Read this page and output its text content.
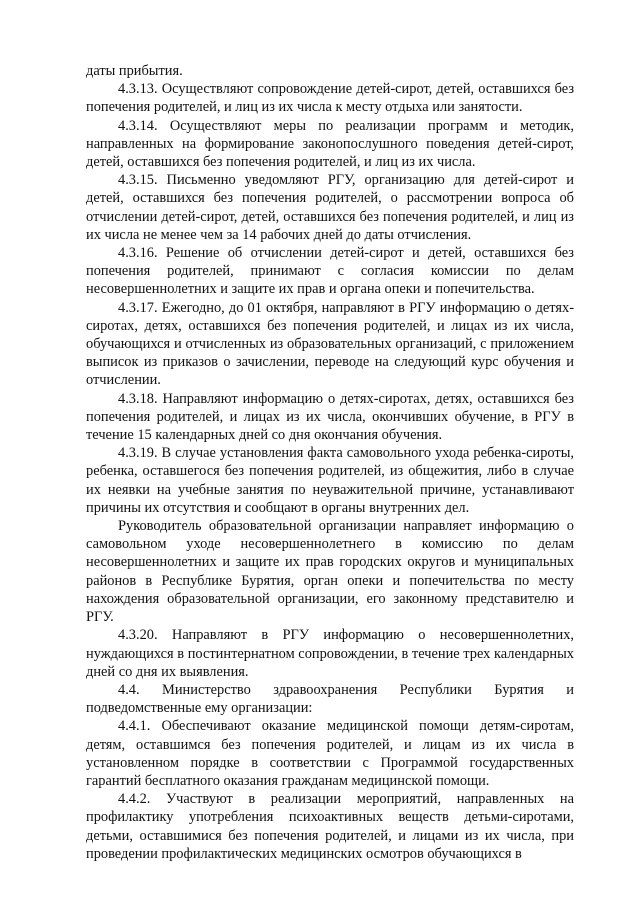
даты прибытия.

4.3.13. Осуществляют сопровождение детей-сирот, детей, оставшихся без попечения родителей, и лиц из их числа к месту отдыха или занятости.

4.3.14. Осуществляют меры по реализации программ и методик, направленных на формирование законопослушного поведения детей-сирот, детей, оставшихся без попечения родителей, и лиц из их числа.

4.3.15. Письменно уведомляют РГУ, организацию для детей-сирот и детей, оставшихся без попечения родителей, о рассмотрении вопроса об отчислении детей-сирот, детей, оставшихся без попечения родителей, и лиц из их числа не менее чем за 14 рабочих дней до даты отчисления.

4.3.16. Решение об отчислении детей-сирот и детей, оставшихся без попечения родителей, принимают с согласия комиссии по делам несовершеннолетних и защите их прав и органа опеки и попечительства.

4.3.17. Ежегодно, до 01 октября, направляют в РГУ информацию о детях-сиротах, детях, оставшихся без попечения родителей, и лицах из их числа, обучающихся и отчисленных из образовательных организаций, с приложением выписок из приказов о зачислении, переводе на следующий курс обучения и отчислении.

4.3.18. Направляют информацию о детях-сиротах, детях, оставшихся без попечения родителей, и лицах из их числа, окончивших обучение, в РГУ в течение 15 календарных дней со дня окончания обучения.

4.3.19. В случае установления факта самовольного ухода ребенка-сироты, ребенка, оставшегося без попечения родителей, из общежития, либо в случае их неявки на учебные занятия по неуважительной причине, устанавливают причины их отсутствия и сообщают в органы внутренних дел.

Руководитель образовательной организации направляет информацию о самовольном уходе несовершеннолетнего в комиссию по делам несовершеннолетних и защите их прав городских округов и муниципальных районов в Республике Бурятия, орган опеки и попечительства по месту нахождения образовательной организации, его законному представителю и РГУ.

4.3.20. Направляют в РГУ информацию о несовершеннолетних, нуждающихся в постинтернатном сопровождении, в течение трех календарных дней со дня их выявления.

4.4. Министерство здравоохранения Республики Бурятия и подведомственные ему организации:

4.4.1. Обеспечивают оказание медицинской помощи детям-сиротам, детям, оставшимся без попечения родителей, и лицам из их числа в установленном порядке в соответствии с Программой государственных гарантий бесплатного оказания гражданам медицинской помощи.

4.4.2. Участвуют в реализации мероприятий, направленных на профилактику употребления психоактивных веществ детьми-сиротами, детьми, оставшимися без попечения родителей, и лицами из их числа, при проведении профилактических медицинских осмотров обучающихся в
